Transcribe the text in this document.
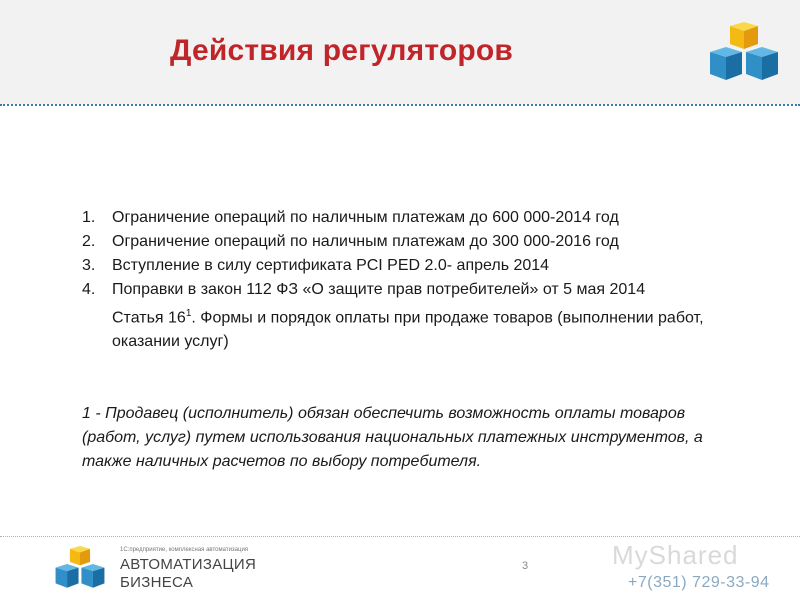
Действия регуляторов
1. Ограничение операций по наличным платежам до 600 000-2014 год
2. Ограничение операций по наличным платежам до 300 000-2016 год
3. Вступление в силу сертификата PCI PED 2.0- апрель 2014
4. Поправки в закон 112 ФЗ «О защите прав потребителей» от 5 мая 2014
Статья $16^1$. Формы и порядок оплаты при продаже товаров (выполнении работ, оказании услуг)
1 - Продавец (исполнитель) обязан обеспечить возможность оплаты товаров (работ, услуг) путем использования национальных платежных инструментов, а также наличных расчетов по выбору потребителя.
1С:предприятие, комплексная автоматизация
АВТОМАТИЗАЦИЯ
БИЗНЕСА
3	MyShared
+7(351) 729-33-94
